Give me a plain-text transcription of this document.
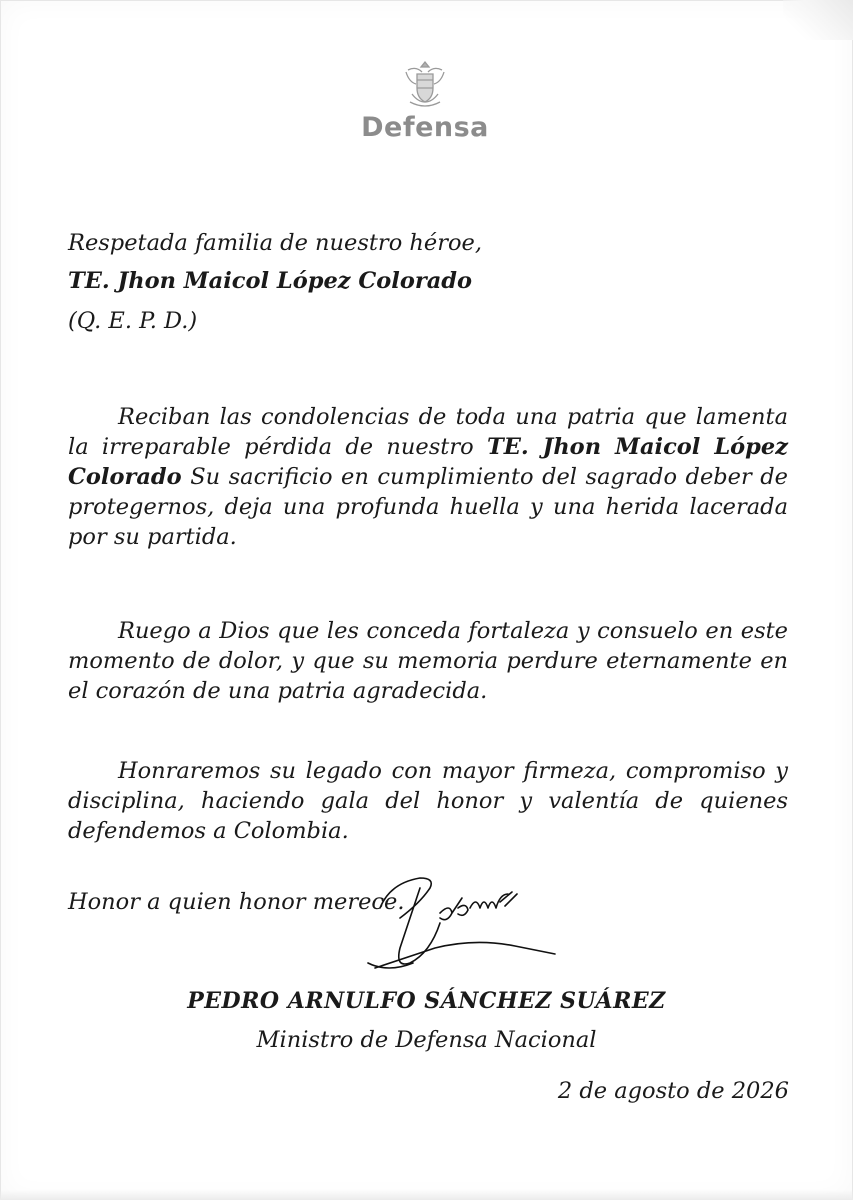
Defensa
Respetada familia de nuestro héroe,
TE. Jhon Maicol López Colorado
(Q. E. P. D.)
Reciban las condolencias de toda una patria que lamenta la irreparable pérdida de nuestro TE. Jhon Maicol López Colorado Su sacrificio en cumplimiento del sagrado deber de protegernos, deja una profunda huella y una herida lacerada por su partida.
Ruego a Dios que les conceda fortaleza y consuelo en este momento de dolor, y que su memoria perdure eternamente en el corazón de una patria agradecida.
Honraremos su legado con mayor firmeza, compromiso y disciplina, haciendo gala del honor y valentía de quienes defendemos a Colombia.
Honor a quien honor merece.
PEDRO ARNULFO SÁNCHEZ SUÁREZ
Ministro de Defensa Nacional
2 de agosto de 2026
